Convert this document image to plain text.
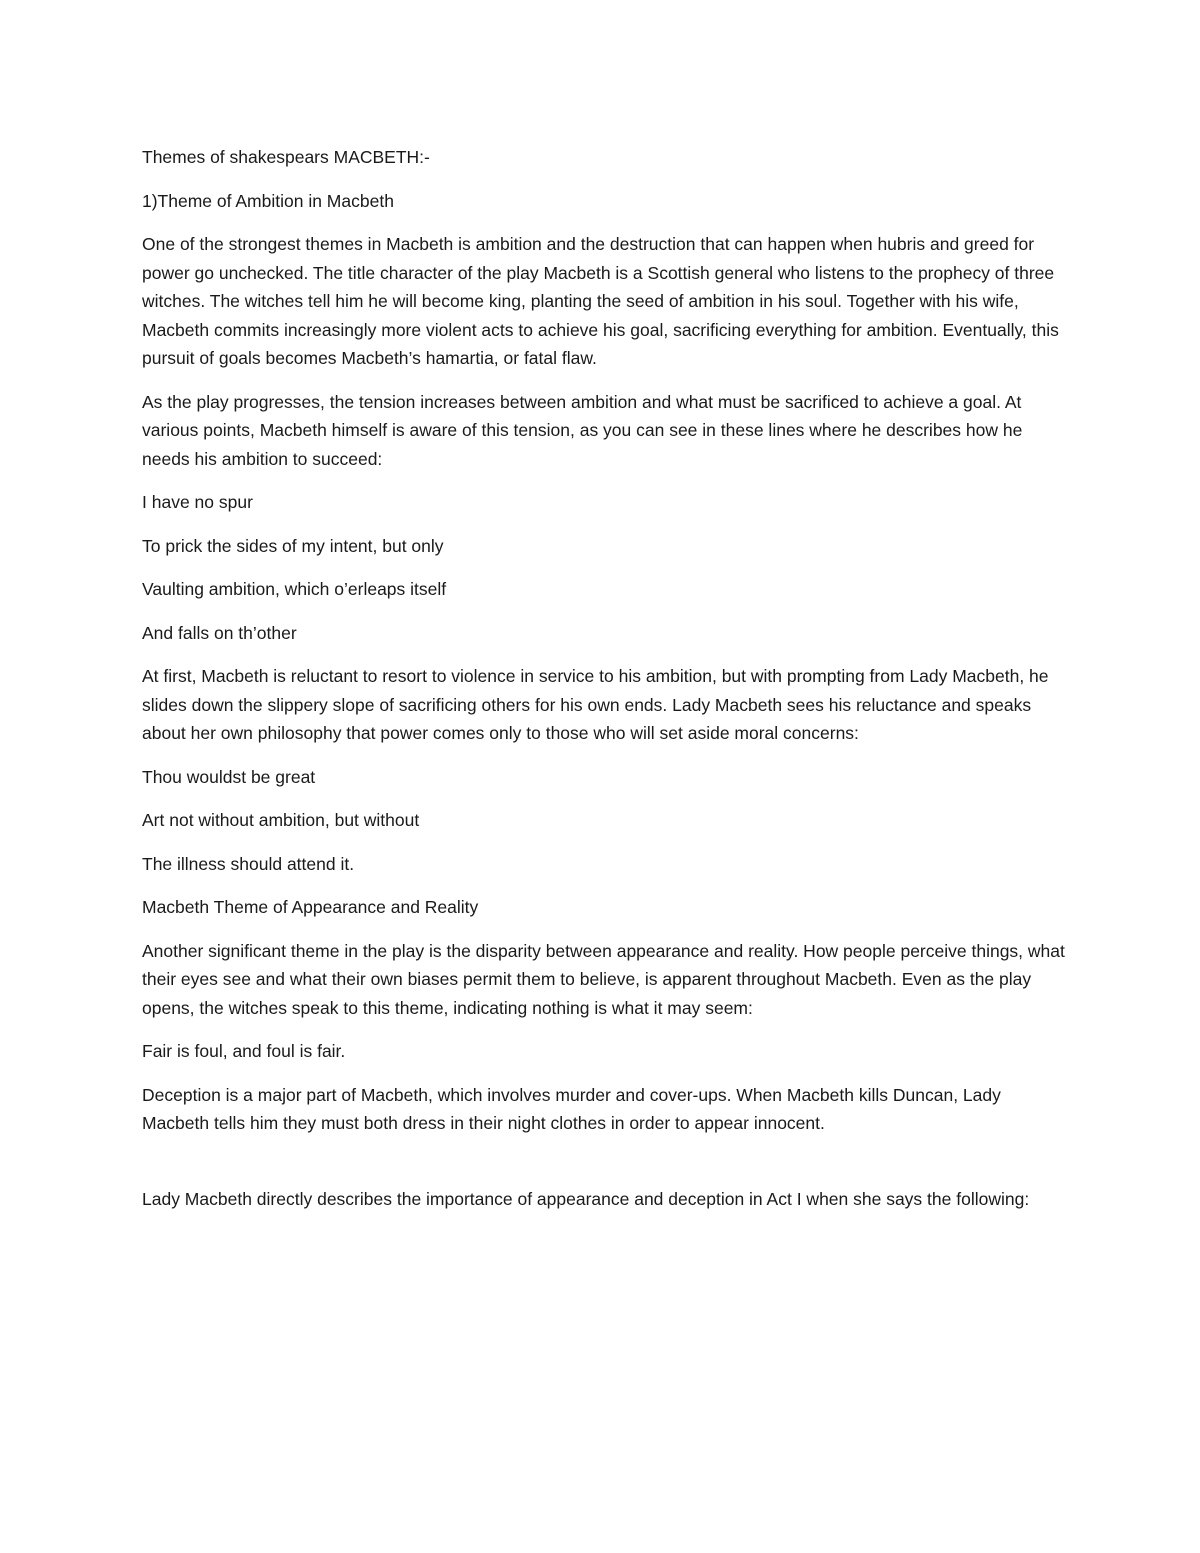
Themes of shakespears MACBETH:-

1)Theme of Ambition in Macbeth

One of the strongest themes in Macbeth is ambition and the destruction that can happen when hubris and greed for power go unchecked. The title character of the play Macbeth is a Scottish general who listens to the prophecy of three witches. The witches tell him he will become king, planting the seed of ambition in his soul. Together with his wife, Macbeth commits increasingly more violent acts to achieve his goal, sacrificing everything for ambition. Eventually, this pursuit of goals becomes Macbeth’s hamartia, or fatal flaw.

As the play progresses, the tension increases between ambition and what must be sacrificed to achieve a goal. At various points, Macbeth himself is aware of this tension, as you can see in these lines where he describes how he needs his ambition to succeed:

I have no spur

To prick the sides of my intent, but only

Vaulting ambition, which o’erleaps itself

And falls on th’other

At first, Macbeth is reluctant to resort to violence in service to his ambition, but with prompting from Lady Macbeth, he slides down the slippery slope of sacrificing others for his own ends. Lady Macbeth sees his reluctance and speaks about her own philosophy that power comes only to those who will set aside moral concerns:

Thou wouldst be great

Art not without ambition, but without

The illness should attend it.

Macbeth Theme of Appearance and Reality

Another significant theme in the play is the disparity between appearance and reality. How people perceive things, what their eyes see and what their own biases permit them to believe, is apparent throughout Macbeth. Even as the play opens, the witches speak to this theme, indicating nothing is what it may seem:

Fair is foul, and foul is fair.

Deception is a major part of Macbeth, which involves murder and cover-ups. When Macbeth kills Duncan, Lady Macbeth tells him they must both dress in their night clothes in order to appear innocent.

Lady Macbeth directly describes the importance of appearance and deception in Act I when she says the following:
